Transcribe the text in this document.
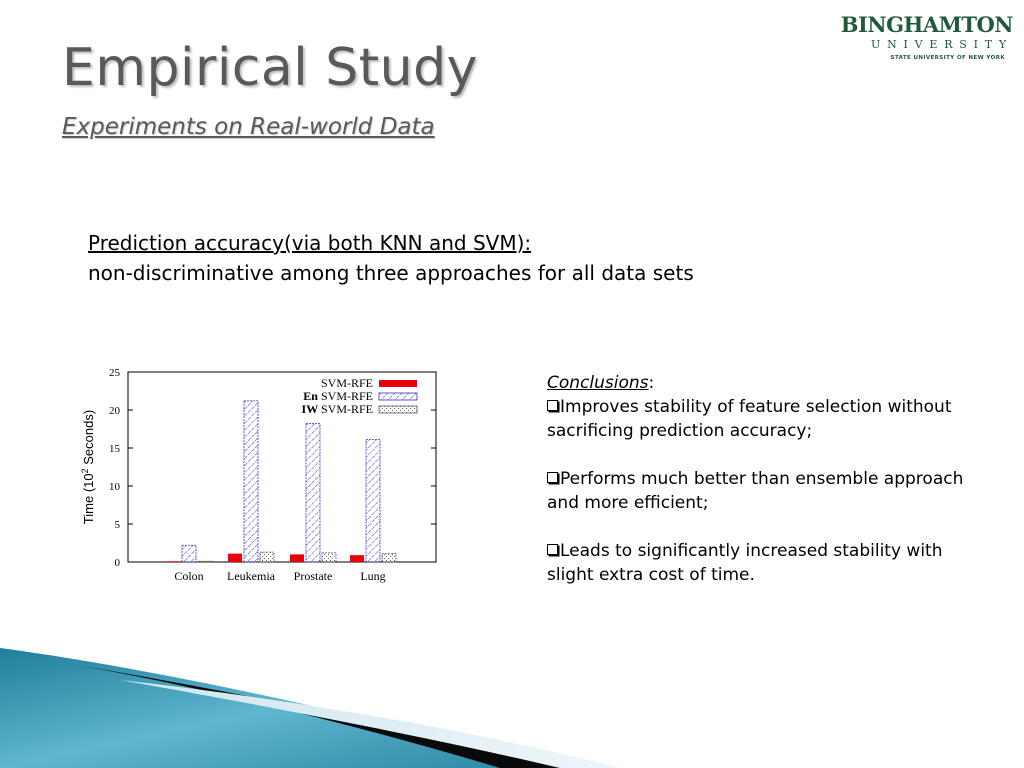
Empirical Study
Experiments on Real-world Data
BINGHAMTON
UNIVERSITY
STATE UNIVERSITY OF NEW YORK
Prediction accuracy(via both KNN and SVM):
non-discriminative among three approaches for all data sets
0
5
10
15
20
25
Colon Leukemia Prostate Lung
Time ($10^2$ Seconds)
SVM-RFE
En SVM-RFE
IW SVM-RFE
Conclusions:
Improves stability of feature selection without sacrificing prediction accuracy;
Performs much better than ensemble approach and more efficient;
Leads to significantly increased stability with slight extra cost of time.
